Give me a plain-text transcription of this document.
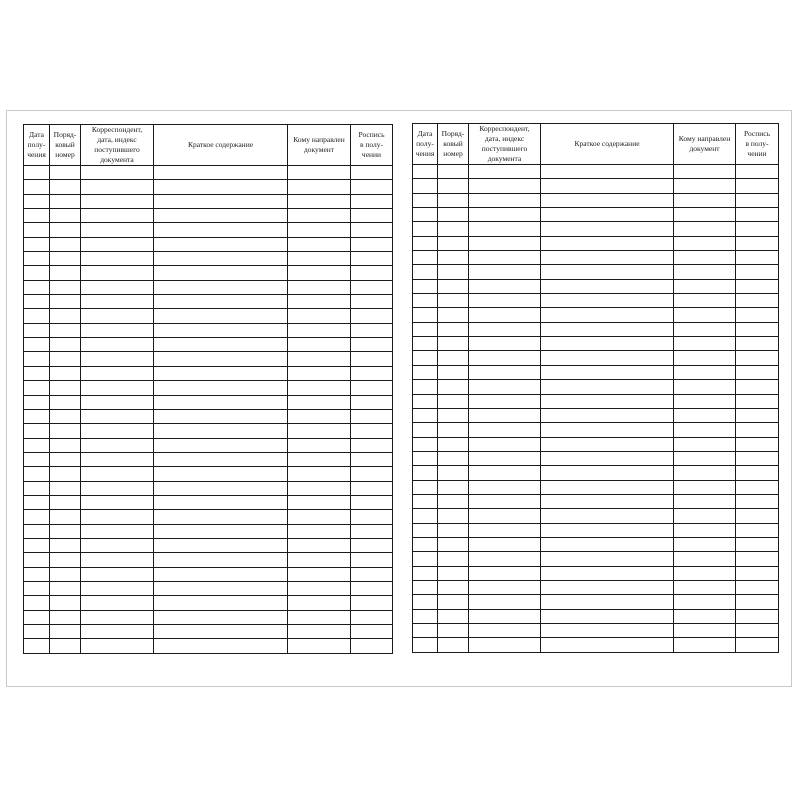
Дата
полу-
чения	Поряд-
ковый
номер	Корреспондент,
дата, индекс
поступившего
документа	Краткое содержание	Кому направлен
документ	Роспись
в полу-
чении

Дата
полу-
чения	Поряд-
ковый
номер	Корреспондент,
дата, индекс
поступившего
документа	Краткое содержание	Кому направлен
документ	Роспись
в полу-
чении
